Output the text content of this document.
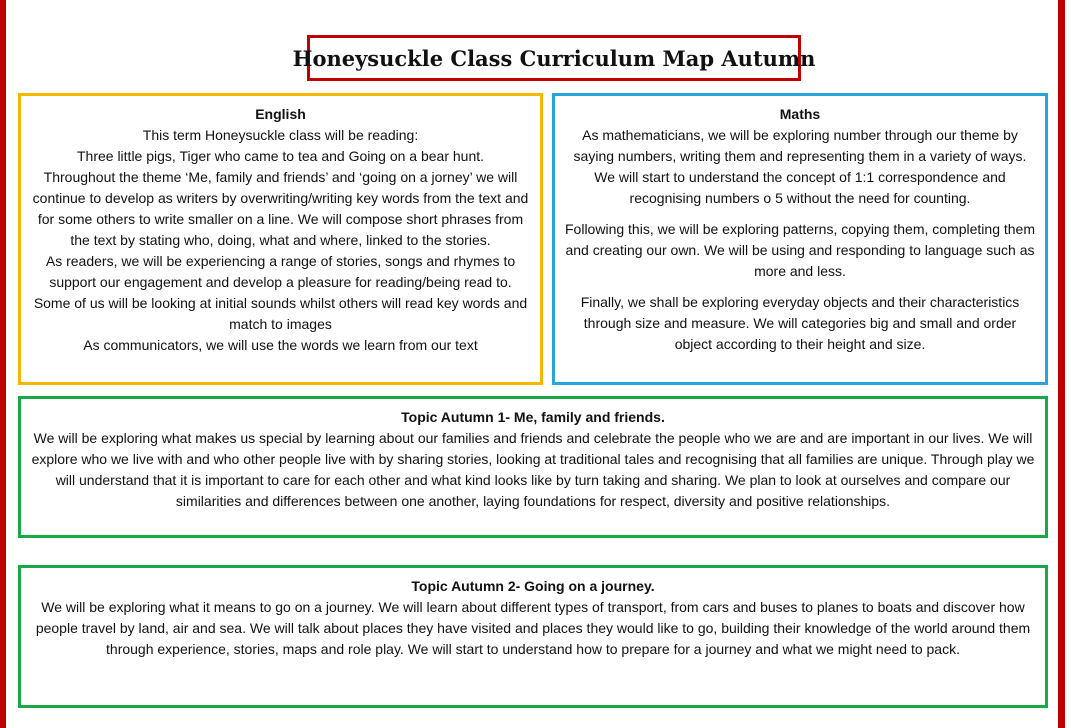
Honeysuckle Class Curriculum Map Autumn
English

This term Honeysuckle class will be reading:

Three little pigs, Tiger who came to tea and Going on a bear hunt.

Throughout the theme ‘Me, family and friends’ and ‘going on a jorney’ we will continue to develop as writers by overwriting/writing key words from the text and for some others to write smaller on a line. We will compose short phrases from the text by stating who, doing, what and where, linked to the stories.

As readers, we will be experiencing a range of stories, songs and rhymes to support our engagement and develop a pleasure for reading/being read to. Some of us will be looking at initial sounds whilst others will read key words and match to images

As communicators, we will use the words we learn from our text

Maths

As mathematicians, we will be exploring number through our theme by saying numbers, writing them and representing them in a variety of ways. We will start to understand the concept of 1:1 correspondence and recognising numbers o 5 without the need for counting.

Following this, we will be exploring patterns, copying them, completing them and creating our own. We will be using and responding to language such as more and less.

Finally, we shall be exploring everyday objects and their characteristics through size and measure. We will categories big and small and order object according to their height and size.

Topic Autumn 1- Me, family and friends.

We will be exploring what makes us special by learning about our families and friends and celebrate the people who we are and are important in our lives. We will explore who we live with and who other people live with by sharing stories, looking at traditional tales and recognising that all families are unique. Through play we will understand that it is important to care for each other and what kind looks like by turn taking and sharing. We plan to look at ourselves and compare our similarities and differences between one another, laying foundations for respect, diversity and positive relationships.

Topic Autumn 2- Going on a journey.

We will be exploring what it means to go on a journey. We will learn about different types of transport, from cars and buses to planes to boats and discover how people travel by land, air and sea. We will talk about places they have visited and places they would like to go, building their knowledge of the world around them through experience, stories, maps and role play. We will start to understand how to prepare for a journey and what we might need to pack.
